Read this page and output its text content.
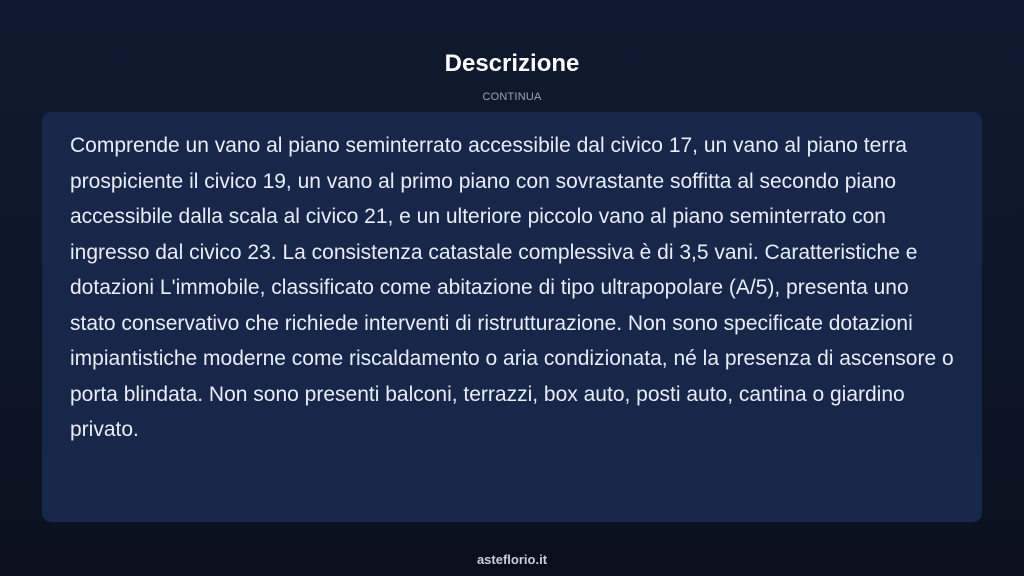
Descrizione
CONTINUA

Comprende un vano al piano seminterrato accessibile dal civico 17, un vano al piano terra prospiciente il civico 19, un vano al primo piano con sovrastante soffitta al secondo piano accessibile dalla scala al civico 21, e un ulteriore piccolo vano al piano seminterrato con ingresso dal civico 23. La consistenza catastale complessiva è di 3,5 vani. Caratteristiche e dotazioni L'immobile, classificato come abitazione di tipo ultrapopolare (A/5), presenta uno stato conservativo che richiede interventi di ristrutturazione. Non sono specificate dotazioni impiantistiche moderne come riscaldamento o aria condizionata, né la presenza di ascensore o porta blindata. Non sono presenti balconi, terrazzi, box auto, posti auto, cantina o giardino privato.

asteflorio.it
